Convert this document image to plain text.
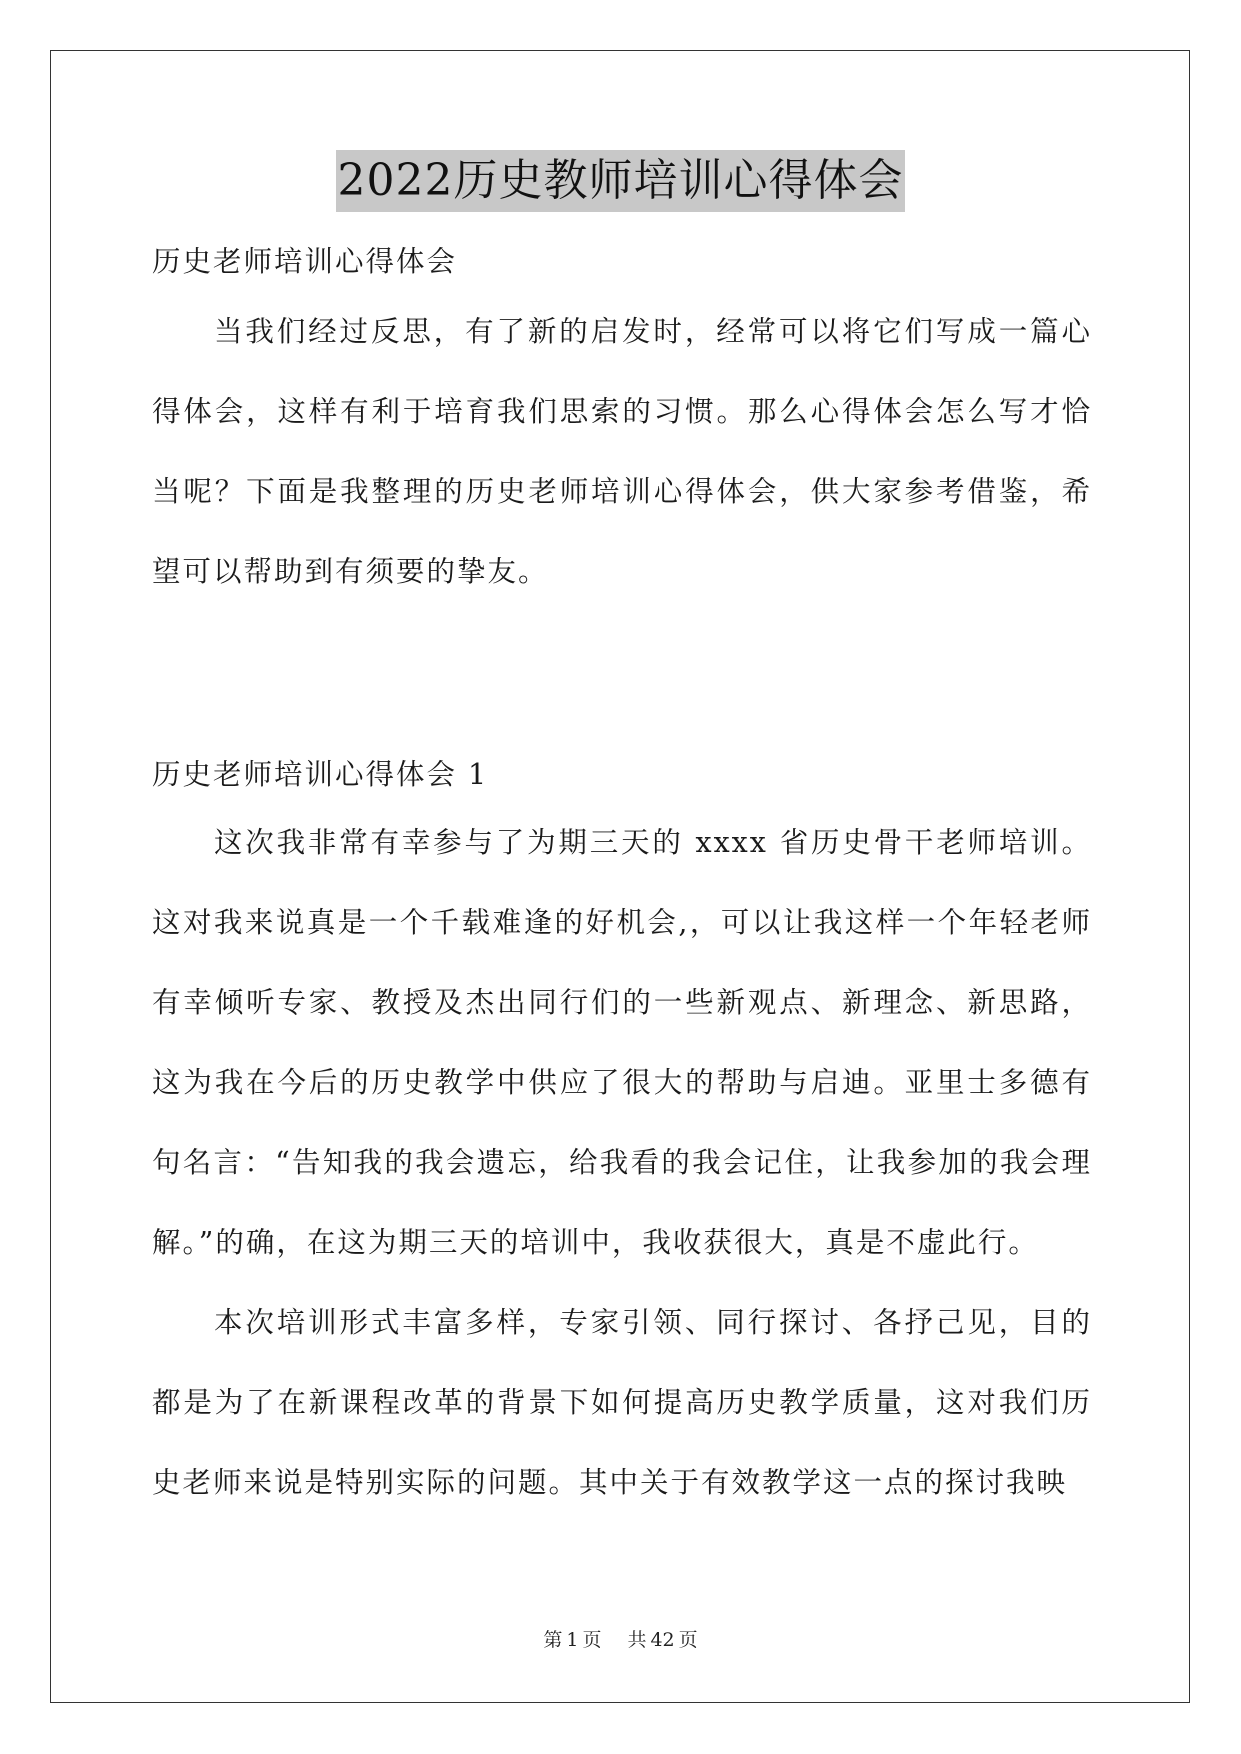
2022历史教师培训心得体会

历史老师培训心得体会

当我们经过反思，有了新的启发时，经常可以将它们写成一篇心得体会，这样有利于培育我们思索的习惯。那么心得体会怎么写才恰当呢？下面是我整理的历史老师培训心得体会，供大家参考借鉴，希望可以帮助到有须要的挚友。

历史老师培训心得体会 1

这次我非常有幸参与了为期三天的 xxxx 省历史骨干老师培训。这对我来说真是一个千载难逢的好机会,，可以让我这样一个年轻老师有幸倾听专家、教授及杰出同行们的一些新观点、新理念、新思路，这为我在今后的历史教学中供应了很大的帮助与启迪。亚里士多德有句名言：“告知我的我会遗忘，给我看的我会记住，让我参加的我会理解。”的确，在这为期三天的培训中，我收获很大，真是不虚此行。

本次培训形式丰富多样，专家引领、同行探讨、各抒己见，目的都是为了在新课程改革的背景下如何提高历史教学质量，这对我们历史老师来说是特别实际的问题。其中关于有效教学这一点的探讨我映

第 1 页 共 42 页
